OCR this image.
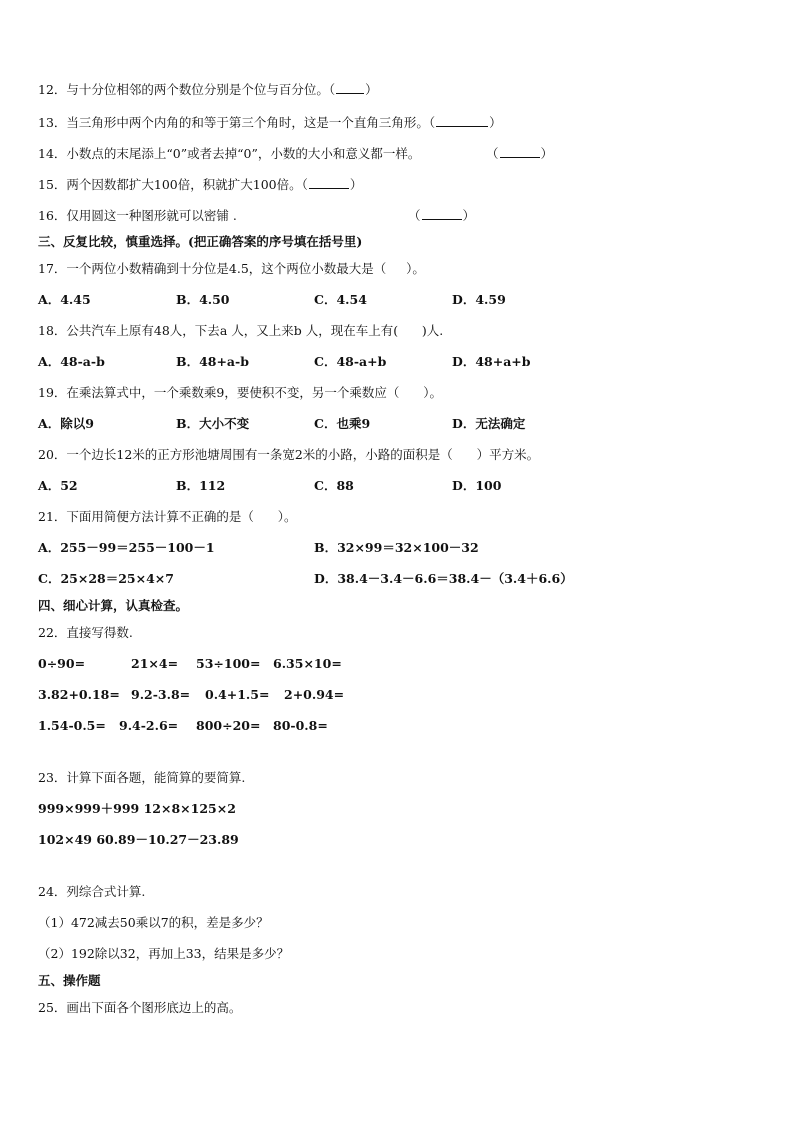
12．与十分位相邻的两个数位分别是个位与百分位。（ ）
13．当三角形中两个内角的和等于第三个角时，这是一个直角三角形。（	）
14．小数点的末尾添上“0”或者去掉“0”，小数的大小和意义都一样。	（	）
15．两个因数都扩大100倍，积就扩大100倍。（	）
16．仅用圆这一种图形就可以密铺 .	（	）
三、反复比较，慎重选择。(把正确答案的序号填在括号里)
17．一个两位小数精确到十分位是4.5，这个两位小数最大是（     ）。
A．4.45	B．4.50	C．4.54	D．4.59
18．公共汽车上原有48人，下去a 人，又上来b 人，现在车上有(      )人.
A．48-a-b	B．48+a-b	C．48-a+b	D．48+a+b
19．在乘法算式中，一个乘数乘9，要使积不变，另一个乘数应（      ）。
A．除以9	B．大小不变	C．也乘9	D．无法确定
20．一个边长12米的正方形池塘周围有一条宽2米的小路，小路的面积是（      ）平方米。
A．52	B．112	C．88	D．100
21．下面用简便方法计算不正确的是（      ）。
A．255－99＝255－100－1	B．32×99＝32×100－32
C．25×28＝25×4×7	D．38.4－3.4－6.6＝38.4－（3.4＋6.6）
四、细心计算，认真检查。
22．直接写得数.
0÷90=	21×4= 53÷100= 6.35×10=
3.82+0.18= 9.2-3.8= 0.4+1.5= 2+0.94=
1.54-0.5= 9.4-2.6= 800÷20= 80-0.8=
23．计算下面各题，能简算的要简算.
999×999＋999 12×8×125×2
102×49 60.89－10.27－23.89
24．列综合式计算.
（1）472减去50乘以7的积，差是多少？
（2）192除以32，再加上33，结果是多少？
五、操作题
25．画出下面各个图形底边上的高。
